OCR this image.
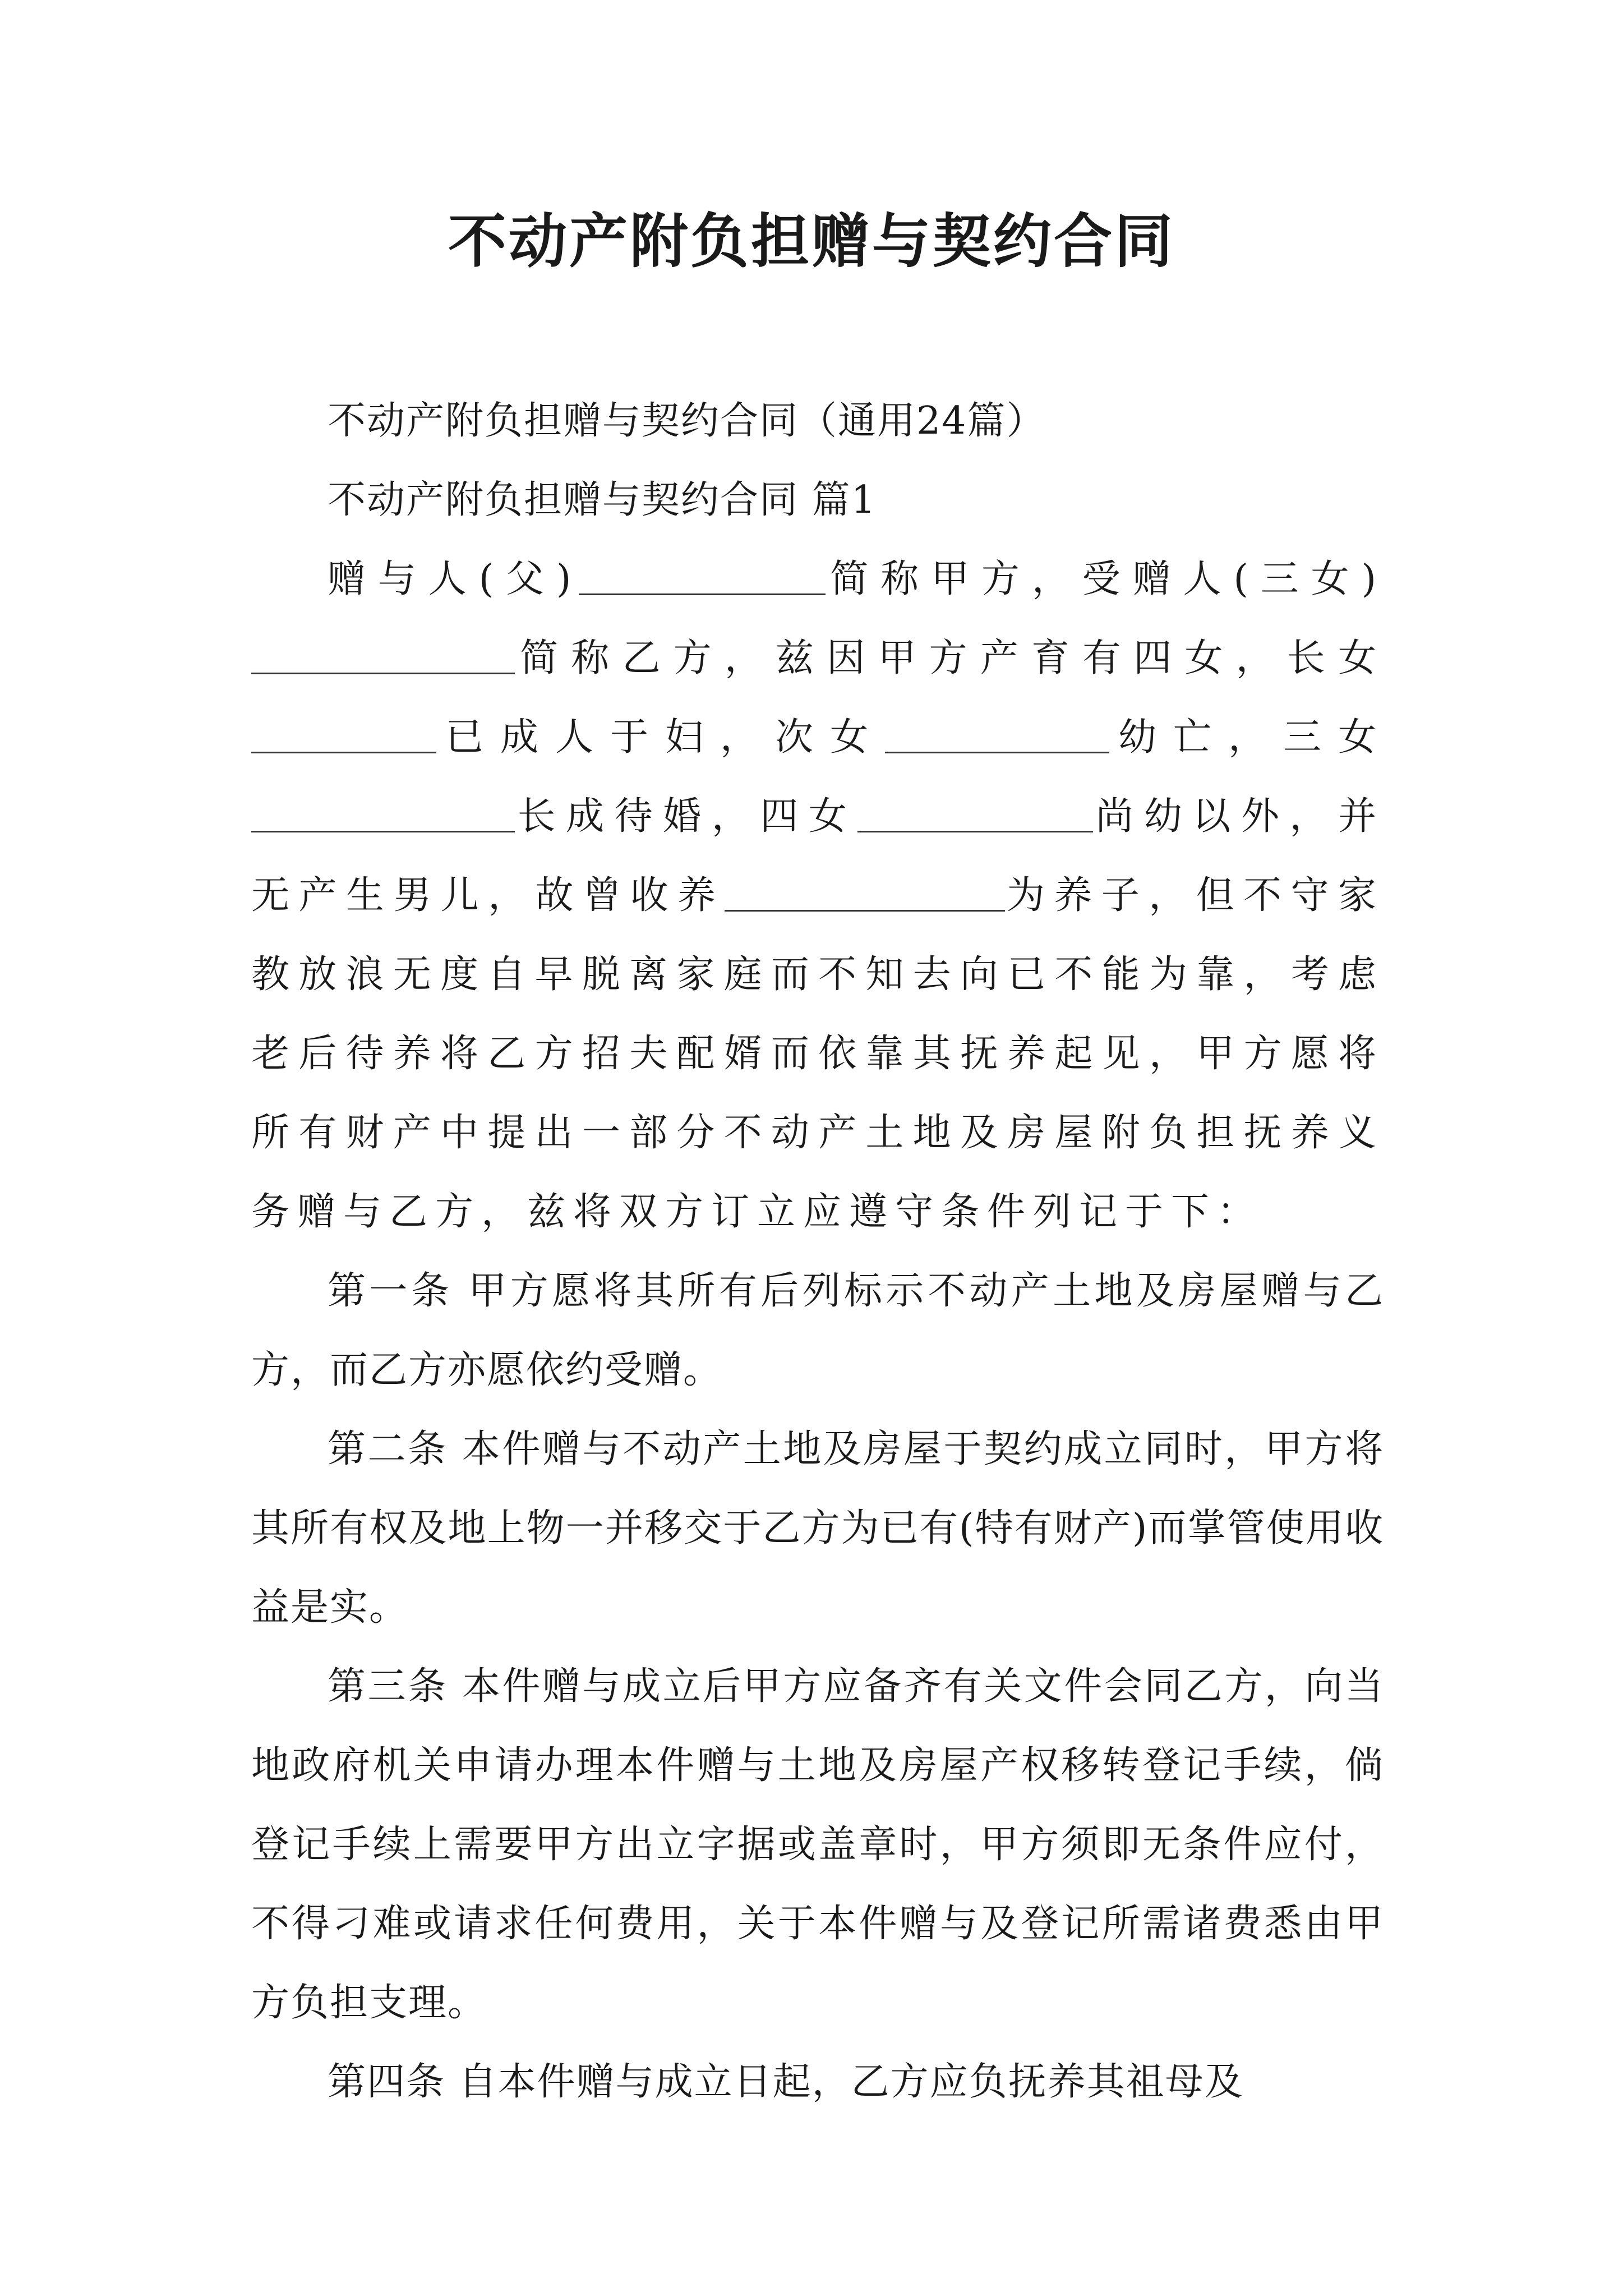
不动产附负担赠与契约合同

不动产附负担赠与契约合同（通用24篇）

不动产附负担赠与契约合同 篇1

赠与人(父)	简称甲方，受赠人(三女)简称乙方，兹因甲方产育有四女，长女已成人于妇，次女	幼亡，三女长成待婚，四女	尚幼以外，并无产生男儿，故曾收养	为养子，但不守家教放浪无度自早脱离家庭而不知去向已不能为靠，考虑老后待养将乙方招夫配婿而依靠其抚养起见，甲方愿将所有财产中提出一部分不动产土地及房屋附负担抚养义务赠与乙方，兹将双方订立应遵守条件列记于下：

第一条 甲方愿将其所有后列标示不动产土地及房屋赠与乙方，而乙方亦愿依约受赠。

第二条 本件赠与不动产土地及房屋于契约成立同时，甲方将其所有权及地上物一并移交于乙方为已有(特有财产)而掌管使用收益是实。

第三条 本件赠与成立后甲方应备齐有关文件会同乙方，向当地政府机关申请办理本件赠与土地及房屋产权移转登记手续，倘登记手续上需要甲方出立字据或盖章时，甲方须即无条件应付，不得刁难或请求任何费用，关于本件赠与及登记所需诸费悉由甲方负担支理。

第四条 自本件赠与成立日起，乙方应负抚养其祖母及
